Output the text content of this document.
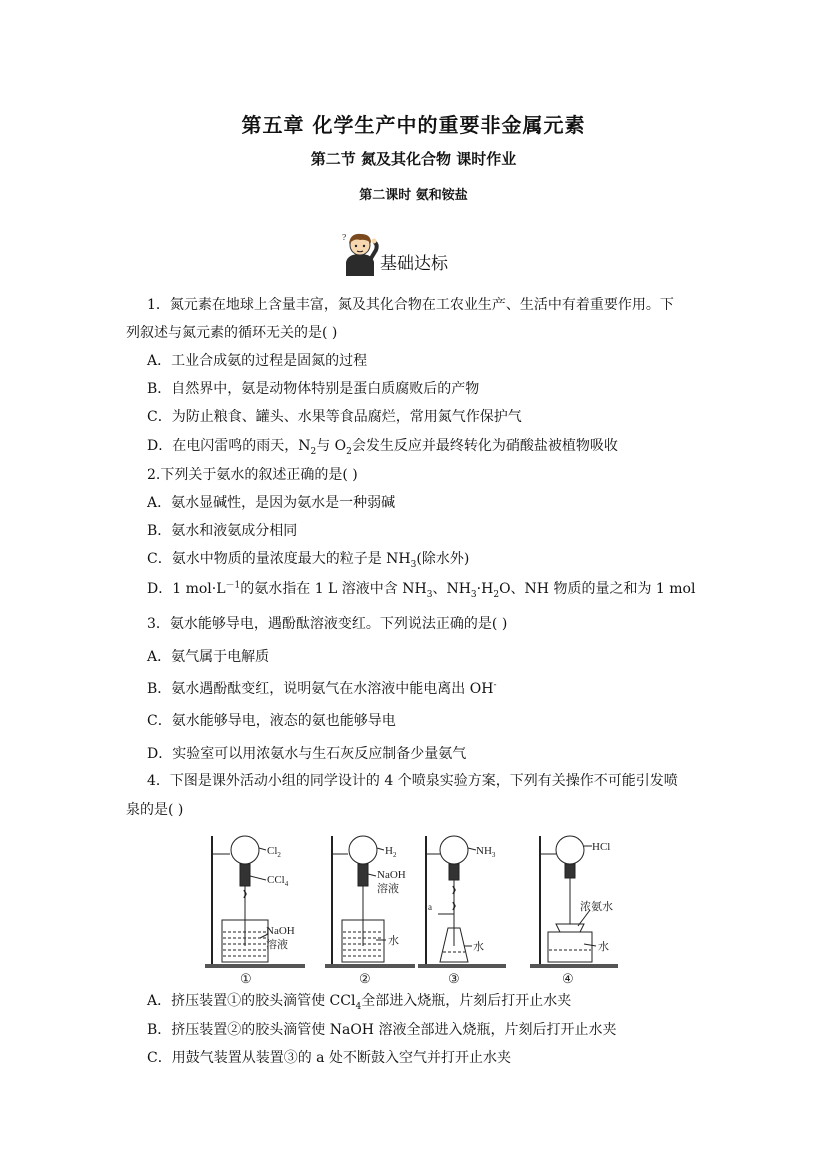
第五章 化学生产中的重要非金属元素
第二节 氮及其化合物 课时作业
第二课时 氨和铵盐
?
基础达标
1．氮元素在地球上含量丰富，氮及其化合物在工农业生产、生活中有着重要作用。下
列叙述与氮元素的循环无关的是( )
A．工业合成氨的过程是固氮的过程
B．自然界中，氨是动物体特别是蛋白质腐败后的产物
C．为防止粮食、罐头、水果等食品腐烂，常用氮气作保护气
D．在电闪雷鸣的雨天，$N_2$与 $O_2$会发生反应并最终转化为硝酸盐被植物吸收
2.下列关于氨水的叙述正确的是( )
A．氨水显碱性，是因为氨水是一种弱碱
B．氨水和液氨成分相同
C．氨水中物质的量浓度最大的粒子是 $NH_3$(除水外)
D．1 $mol\cdot L^{-1}$的氨水指在 1 L 溶液中含 $NH_3$、$NH_3\cdot H_2O$、NH 物质的量之和为 1 mol
3．氨水能够导电，遇酚酞溶液变红。下列说法正确的是( )
A．氨气属于电解质
B．氨水遇酚酞变红，说明氨气在水溶液中能电离出 OH-
C．氨水能够导电，液态的氨也能够导电
D．实验室可以用浓氨水与生石灰反应制备少量氨气
4．下图是课外活动小组的同学设计的 4 个喷泉实验方案，下列有关操作不可能引发喷
泉的是( )
$Cl_2$
CCl$_4$
NaOH
溶液
①
$H_2$
NaOH
溶液
水
②
$NH_3$
a
水
③
HCl
浓氨水
水
④
A．挤压装置①的胶头滴管使 CCl$_4$全部进入烧瓶，片刻后打开止水夹
B．挤压装置②的胶头滴管使 NaOH 溶液全部进入烧瓶，片刻后打开止水夹
C．用鼓气装置从装置③的 a 处不断鼓入空气并打开止水夹
